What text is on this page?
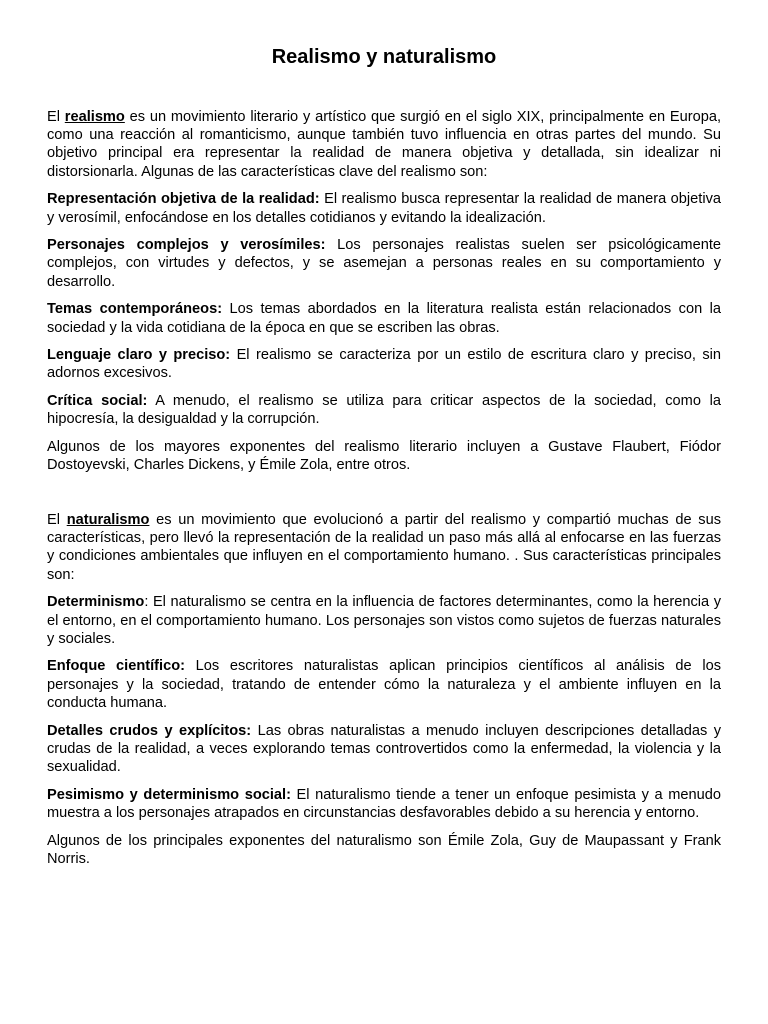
Realismo y naturalismo

El realismo es un movimiento literario y artístico que surgió en el siglo XIX, principalmente en Europa, como una reacción al romanticismo, aunque también tuvo influencia en otras partes del mundo. Su objetivo principal era representar la realidad de manera objetiva y detallada, sin idealizar ni distorsionarla. Algunas de las características clave del realismo son:

Representación objetiva de la realidad: El realismo busca representar la realidad de manera objetiva y verosímil, enfocándose en los detalles cotidianos y evitando la idealización.

Personajes complejos y verosímiles: Los personajes realistas suelen ser psicológicamente complejos, con virtudes y defectos, y se asemejan a personas reales en su comportamiento y desarrollo.

Temas contemporáneos: Los temas abordados en la literatura realista están relacionados con la sociedad y la vida cotidiana de la época en que se escriben las obras.

Lenguaje claro y preciso: El realismo se caracteriza por un estilo de escritura claro y preciso, sin adornos excesivos.

Crítica social: A menudo, el realismo se utiliza para criticar aspectos de la sociedad, como la hipocresía, la desigualdad y la corrupción.

Algunos de los mayores exponentes del realismo literario incluyen a Gustave Flaubert, Fiódor Dostoyevski, Charles Dickens, y Émile Zola, entre otros.

El naturalismo es un movimiento que evolucionó a partir del realismo y compartió muchas de sus características, pero llevó la representación de la realidad un paso más allá al enfocarse en las fuerzas y condiciones ambientales que influyen en el comportamiento humano. . Sus características principales son:

Determinismo: El naturalismo se centra en la influencia de factores determinantes, como la herencia y el entorno, en el comportamiento humano. Los personajes son vistos como sujetos de fuerzas naturales y sociales.

Enfoque científico: Los escritores naturalistas aplican principios científicos al análisis de los personajes y la sociedad, tratando de entender cómo la naturaleza y el ambiente influyen en la conducta humana.

Detalles crudos y explícitos: Las obras naturalistas a menudo incluyen descripciones detalladas y crudas de la realidad, a veces explorando temas controvertidos como la enfermedad, la violencia y la sexualidad.

Pesimismo y determinismo social: El naturalismo tiende a tener un enfoque pesimista y a menudo muestra a los personajes atrapados en circunstancias desfavorables debido a su herencia y entorno.

Algunos de los principales exponentes del naturalismo son Émile Zola, Guy de Maupassant y Frank Norris.
